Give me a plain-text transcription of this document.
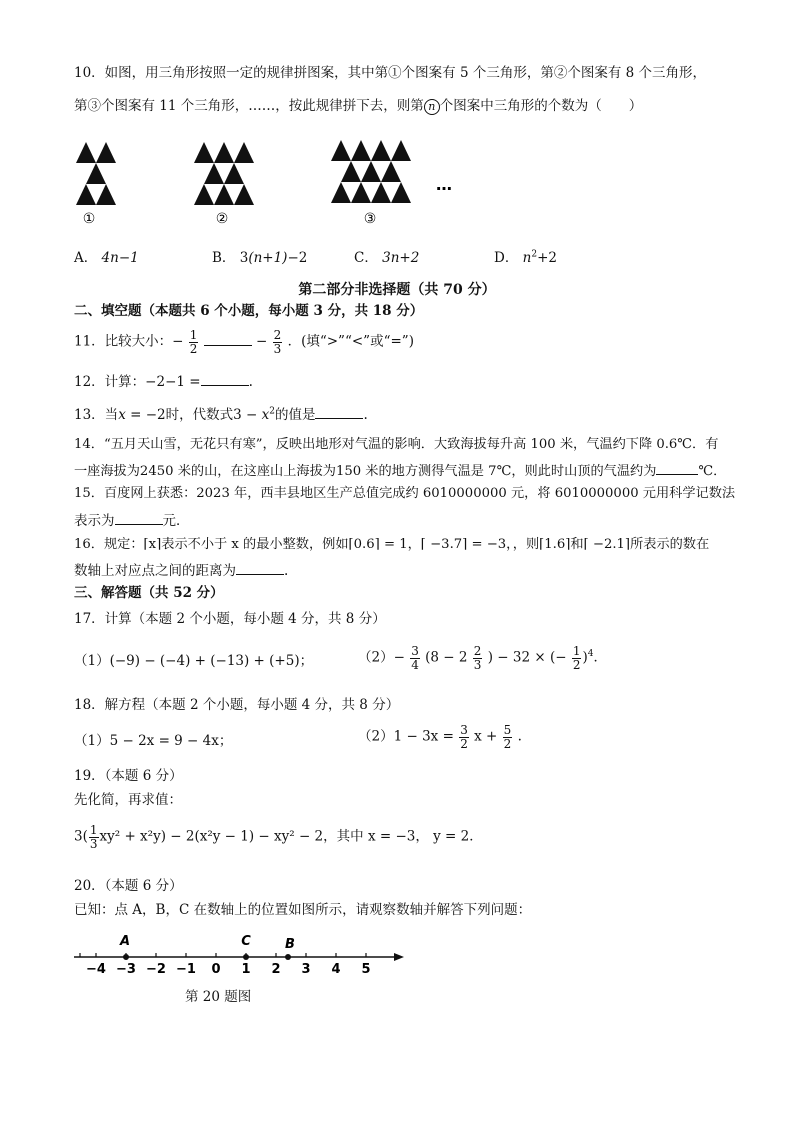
10．如图，用三角形按照一定的规律拼图案，其中第①个图案有 5 个三角形，第②个图案有 8 个三角形，
第③个图案有 11 个三角形，……，按此规律拼下去，则第 n 个图案中三角形的个数为（　　）
①	②	③
…
A． 4n−1	B． 3(n+1)−2	C． 3n+2	D． $n^2+2$
第二部分非选择题（共 70 分）
二、填空题（本题共 6 个小题，每小题 3 分，共 18 分）
11．比较大小：− $\frac{1}{2}$	− $\frac{2}{3}$ ．(填“>”“<”或“=”)
12．计算：−2−1 =	.
13．当x = −2时，代数式$3 - x^2$的值是	.
14．“五月天山雪，无花只有寒”，反映出地形对气温的影响．大致海拔每升高 100 米，气温约下降 0.6℃．有
一座海拔为2450 米的山，在这座山上海拔为150 米的地方测得气温是 7℃，则此时山顶的气温约为	℃．
15．百度网上获悉：2023 年，西丰县地区生产总值完成约 6010000000 元，将 6010000000 元用科学记数法
表示为	元．
16．规定：⌈x⌉表示不小于 x 的最小整数，例如⌈0.6⌉ = 1，⌈ −3.7⌉ = −3，，则⌈1.6⌉和⌈ −2.1⌉所表示的数在
数轴上对应点之间的距离为	.
三、解答题（共 52 分）
17．计算（本题 2 个小题，每小题 4 分，共 8 分）
（1）(−9) − (−4) + (−13) + (+5)；	$(2)- \frac{3}{4} (8 - 2 \frac{2}{3}$ ) − 32 × (− $\frac{1}{2} )^4$．
18．解方程（本题 2 个小题，每小题 4 分，共 8 分）
（1）5 − 2x = 9 − 4x；	$(2)1 - 3x = \frac{3}{2}$ $x + \frac{5}{2}$ .
19．（本题 6 分）
先化简，再求值：
$3( \frac{1}{3} xy^2 + x^2y) - 2(x^2y - 1) - xy^2 - 2$，其中 x = −3， y = 2．
20．（本题 6 分）
已知：点 A，B，C 在数轴上的位置如图所示，请观察数轴并解答下列问题：
−4 −3 −2 −1 0 1 2 3 4 5
A	C	B
第 20 题图
